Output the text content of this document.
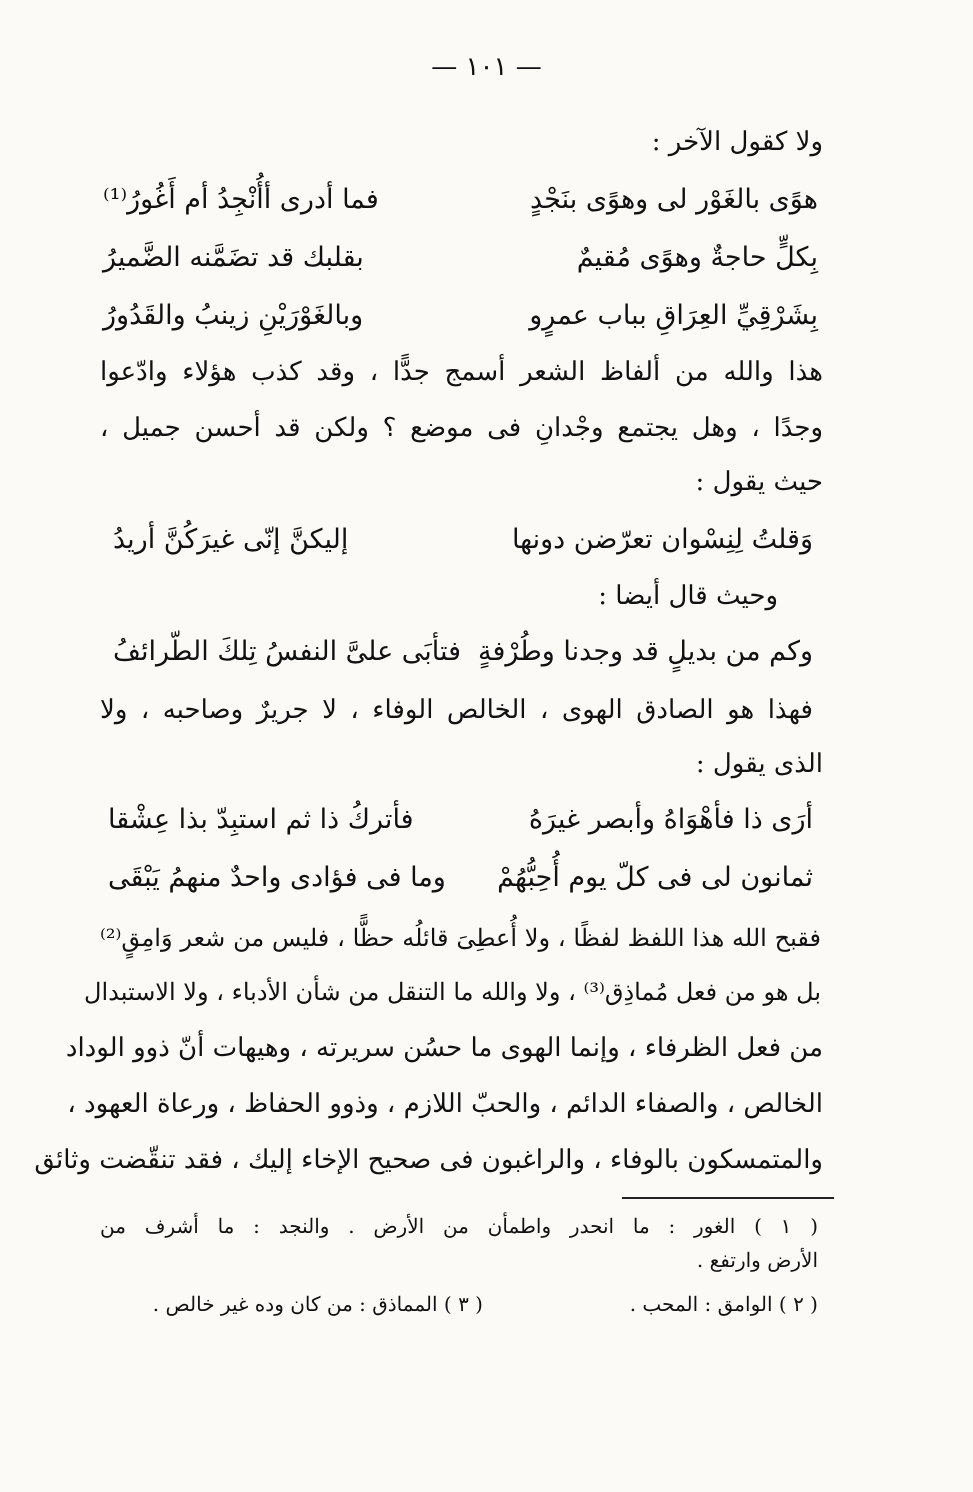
— ١٠١ —
ولا كقول الآخر :
هوًى بالغَوْر لى وهوًى بنَجْدٍ
فما أدرى أأُنْجِدُ أم أَغُورُ⁽¹⁾
بِكلٍّ حاجةٌ وهوًى مُقيمٌ
بقلبك قد تضَمَّنه الضَّميرُ
بِشَرْقِيِّ العِرَاقِ بباب عمرٍو
وبالغَوْرَيْنِ زينبُ والقَدُورُ
هذا والله من ألفاظ الشعر أسمج جدًّا ، وقد كذب هؤلاء وادّعوا
وجدًا ، وهل يجتمع وجْدانِ فى موضع ؟ ولكن قد أحسن جميل ،
حيث يقول :
وَقلتُ لِنِسْوان تعرّضن دونها
إليكنَّ إنّى غيرَكُنَّ أريدُ
وحيث قال أيضا :
وكم من بديلٍ قد وجدنا وطُرْفةٍ
فتأبَى علىَّ النفسُ تِلكَ الطّرائفُ
فهذا هو الصادق الهوى ، الخالص الوفاء ، لا جريرٌ وصاحبه ، ولا
الذى يقول :
أرَى ذا فأهْوَاهُ وأبصر غيرَهُ
فأتركُ ذا ثم استبِدّ بذا عِشْقا
ثمانون لى فى كلّ يوم أُحِبُّهُمْ
وما فى فؤادى واحدٌ منهمُ يَبْقَى
فقبح الله هذا اللفظ لفظًا ، ولا أُعطِىَ قائلُه حظًّا ، فليس من شعر وَامِقٍ⁽²⁾
بل هو من فعل مُماذِق⁽³⁾ ، ولا والله ما التنقل من شأن الأدباء ، ولا الاستبدال
من فعل الظرفاء ، وإنما الهوى ما حسُن سريرته ، وهيهات أنّ ذوو الوداد
الخالص ، والصفاء الدائم ، والحبّ اللازم ، وذوو الحفاظ ، ورعاة العهود ،
والمتمسكون بالوفاء ، والراغبون فى صحيح الإخاء إليك ، فقد تنقّضت وثائق
( ١ ) الغور : ما انحدر واطمأن من الأرض . والنجد : ما أشرف من
الأرض وارتفع .
( ٢ ) الوامق : المحب .
( ٣ ) المماذق : من كان وده غير خالص .
